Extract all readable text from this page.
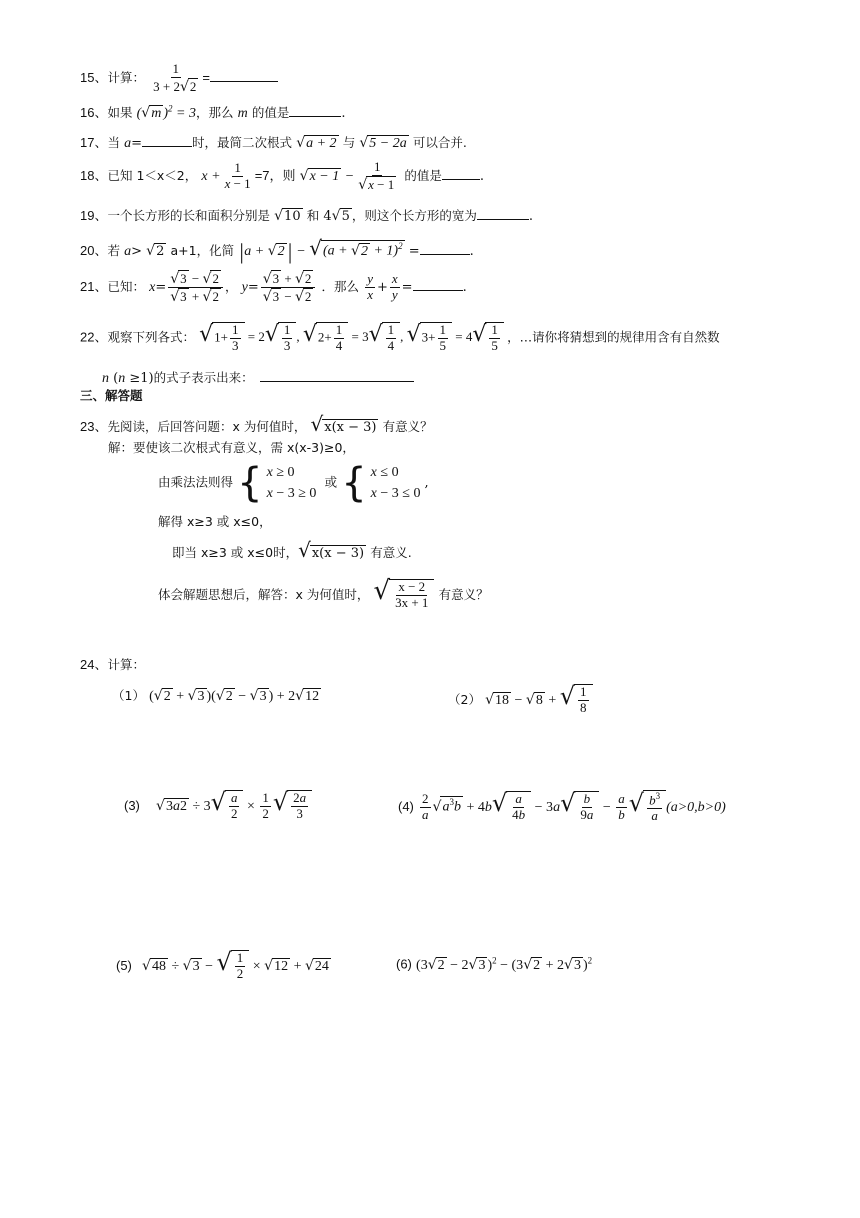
15、计算： $\frac{1}{3 + 2√2}$ =
16、如果 (√m )$^2$ = 3，那么 m 的值是	.
17、当 a=	时，最简二次根式 √a + 2 与 √5 − 2a 可以合并.
18、已知 1＜x＜2， $x + \frac{1}{x - 1} =7$，则 $√x - 1 - \frac{1}{√x - 1}$ 的值是	.
19、一个长方形的长和面积分别是 √10 和 4√5 ，则这个长方形的宽为	.
20、若 a> √2 a+1，化简 $|a + √2| - √(a + √2 + 1)^2$ =	.
21、已知： $x= \frac{√3 - √2}{√3 + √2}$ ， $y= \frac{√3 + √2}{√3 - √2}$ ．那么 $\frac{y}{x} + \frac{x}{y}$ =	.
22、观察下列各式： $√1+ \frac{1}{3} = 2√ \frac{1}{3}$ , $√2+ \frac{1}{4} = 3√ \frac{1}{4}$ , $√3+ \frac{1}{5} = 4√ \frac{1}{5}$ ，…请你将猜想到的规律用含有自然数
n (n ≥1)的式子表示出来：
三、解答题
23、先阅读，后回答问题：x 为何值时， √x(x − 3) 有意义？
解：要使该二次根式有意义，需 x(x-3)≥0，
由乘法法则得 { x ≥ 0
x − 3 ≥ 0
或 { x ≤ 0
x − 3 ≤ 0
,
解得 x≥3 或 x≤0，
即当 x≥3 或 x≤0时，√x(x − 3) 有意义.
体会解题思想后，解答：x 为何值时， √ $\frac{x - 2}{3x + 1}$ 有意义？
24、计算：
（1） (√2 + √3 )(√2 − √3 ) + 2√12	（2） √18 − √8 + √ $\frac{1}{8}$
(3) $√3a2 \div 3√ \frac{a}{2} \times \frac{1}{2}$ √ $\frac{2a}{3}$	$(4) \frac{2}{a} √a^3b + 4b√ \frac{a}{4b} - 3a√ \frac{b}{9a} - \frac{a}{b}$ √ $\frac{b^3}{a} (a>0,b>0)$
(5) √48 ÷ √3 − √ $\frac{1}{2} \times √12 + √24$	(6) (3√2 − 2√3 )$^2$ − (3√2 + 2√3 )$^2$
